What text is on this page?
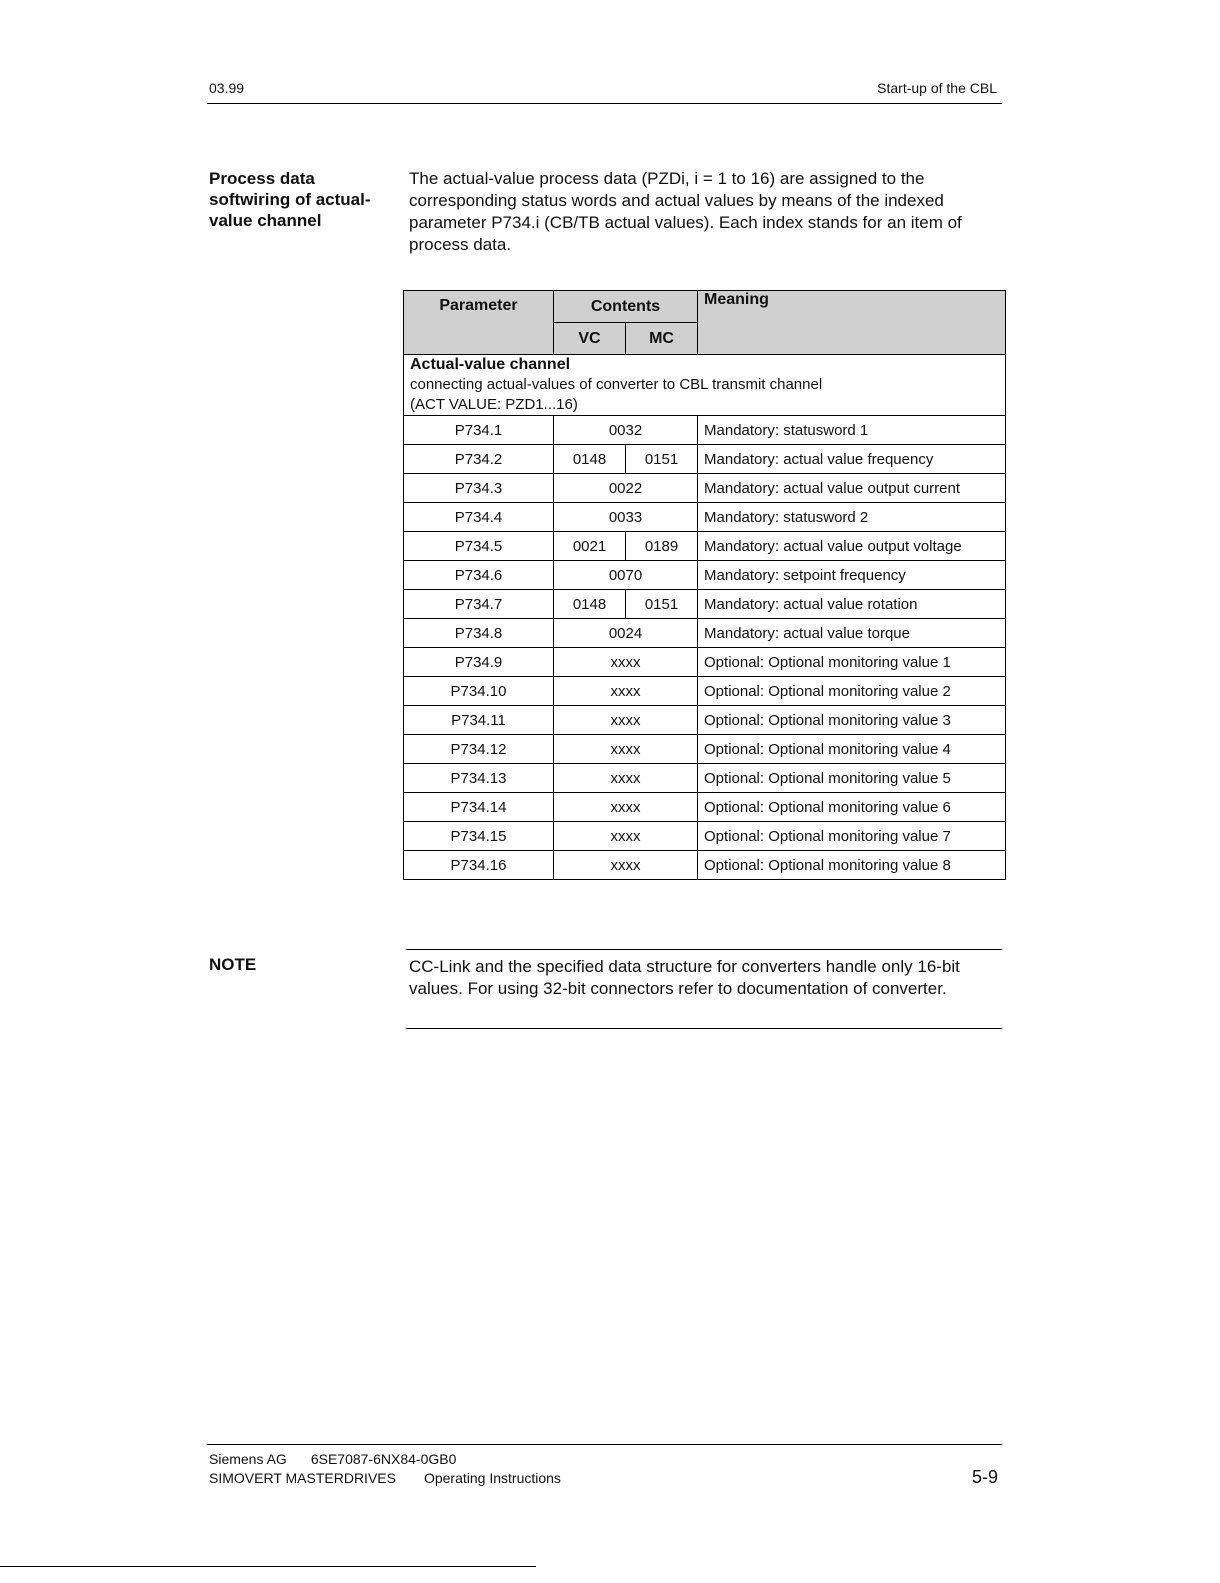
03.99	Start-up of the CBL
Process data softwiring of actual-value channel
The actual-value process data (PZDi, i = 1 to 16) are assigned to the corresponding status words and actual values by means of the indexed parameter P734.i (CB/TB actual values). Each index stands for an item of process data.
Parameter	Contents		Meaning
	VC	MC	

Actual-value channel
connecting actual-values of converter to CBL transmit channel
(ACT VALUE: PZD1...16)			

P734.1	0032		Mandatory: statusword 1
P734.2	0148	0151	Mandatory: actual value frequency
P734.3	0022		Mandatory: actual value output current
P734.4	0033		Mandatory: statusword 2
P734.5	0021	0189	Mandatory: actual value output voltage
P734.6	0070		Mandatory: setpoint frequency
P734.7	0148	0151	Mandatory: actual value rotation
P734.8	0024		Mandatory: actual value torque
P734.9	xxxx		Optional: Optional monitoring value 1
P734.10	xxxx		Optional: Optional monitoring value 2
P734.11	xxxx		Optional: Optional monitoring value 3
P734.12	xxxx		Optional: Optional monitoring value 4
P734.13	xxxx		Optional: Optional monitoring value 5
P734.14	xxxx		Optional: Optional monitoring value 6
P734.15	xxxx		Optional: Optional monitoring value 7
P734.16	xxxx		Optional: Optional monitoring value 8
NOTE	CC-Link and the specified data structure for converters handle only 16-bit values. For using 32-bit connectors refer to documentation of converter.
Siemens AG 6SE7087-6NX84-0GB0
SIMOVERT MASTERDRIVES Operating Instructions	5-9
